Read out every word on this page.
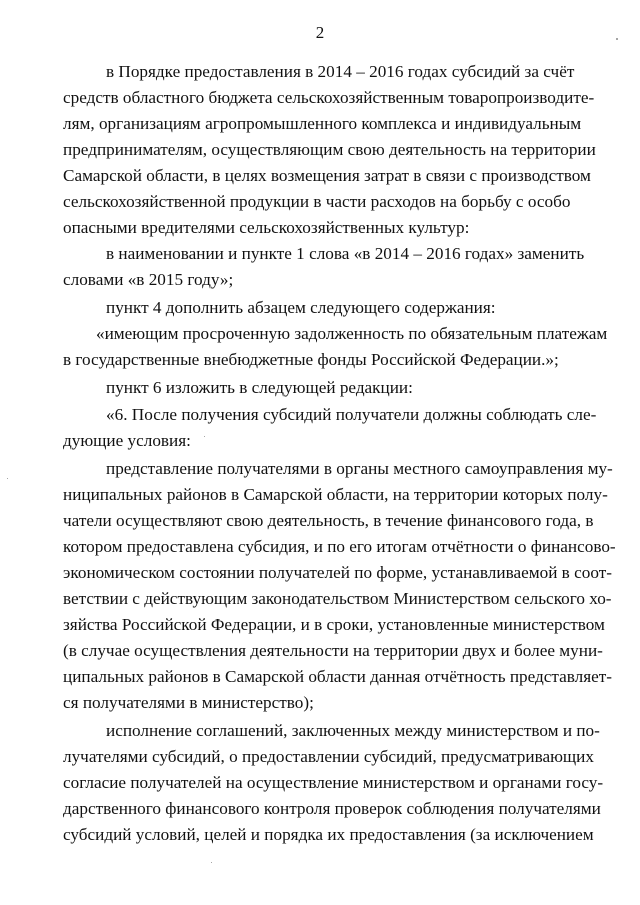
2
в Порядке предоставления в 2014 – 2016 годах субсидий за счёт
средств областного бюджета сельскохозяйственным товаропроизводите-
лям, организациям агропромышленного комплекса и индивидуальным
предпринимателям, осуществляющим свою деятельность на территории
Самарской области, в целях возмещения затрат в связи с производством
сельскохозяйственной продукции в части расходов на борьбу с особо
опасными вредителями сельскохозяйственных культур:
в наименовании и пункте 1 слова «в 2014 – 2016 годах» заменить
словами «в 2015 году»;
пункт 4 дополнить абзацем следующего содержания:
«имеющим просроченную задолженность по обязательным платежам
в государственные внебюджетные фонды Российской Федерации.»;
пункт 6 изложить в следующей редакции:
«6. После получения субсидий получатели должны соблюдать сле-
дующие условия:
представление получателями в органы местного самоуправления му-
ниципальных районов в Самарской области, на территории которых полу-
чатели осуществляют свою деятельность, в течение финансового года, в
котором предоставлена субсидия, и по его итогам отчётности о финансово-
экономическом состоянии получателей по форме, устанавливаемой в соот-
ветствии с действующим законодательством Министерством сельского хо-
зяйства Российской Федерации, и в сроки, установленные министерством
(в случае осуществления деятельности на территории двух и более муни-
ципальных районов в Самарской области данная отчётность представляет-
ся получателями в министерство);
исполнение соглашений, заключенных между министерством и по-
лучателями субсидий, о предоставлении субсидий, предусматривающих
согласие получателей на осуществление министерством и органами госу-
дарственного финансового контроля проверок соблюдения получателями
субсидий условий, целей и порядка их предоставления (за исключением
